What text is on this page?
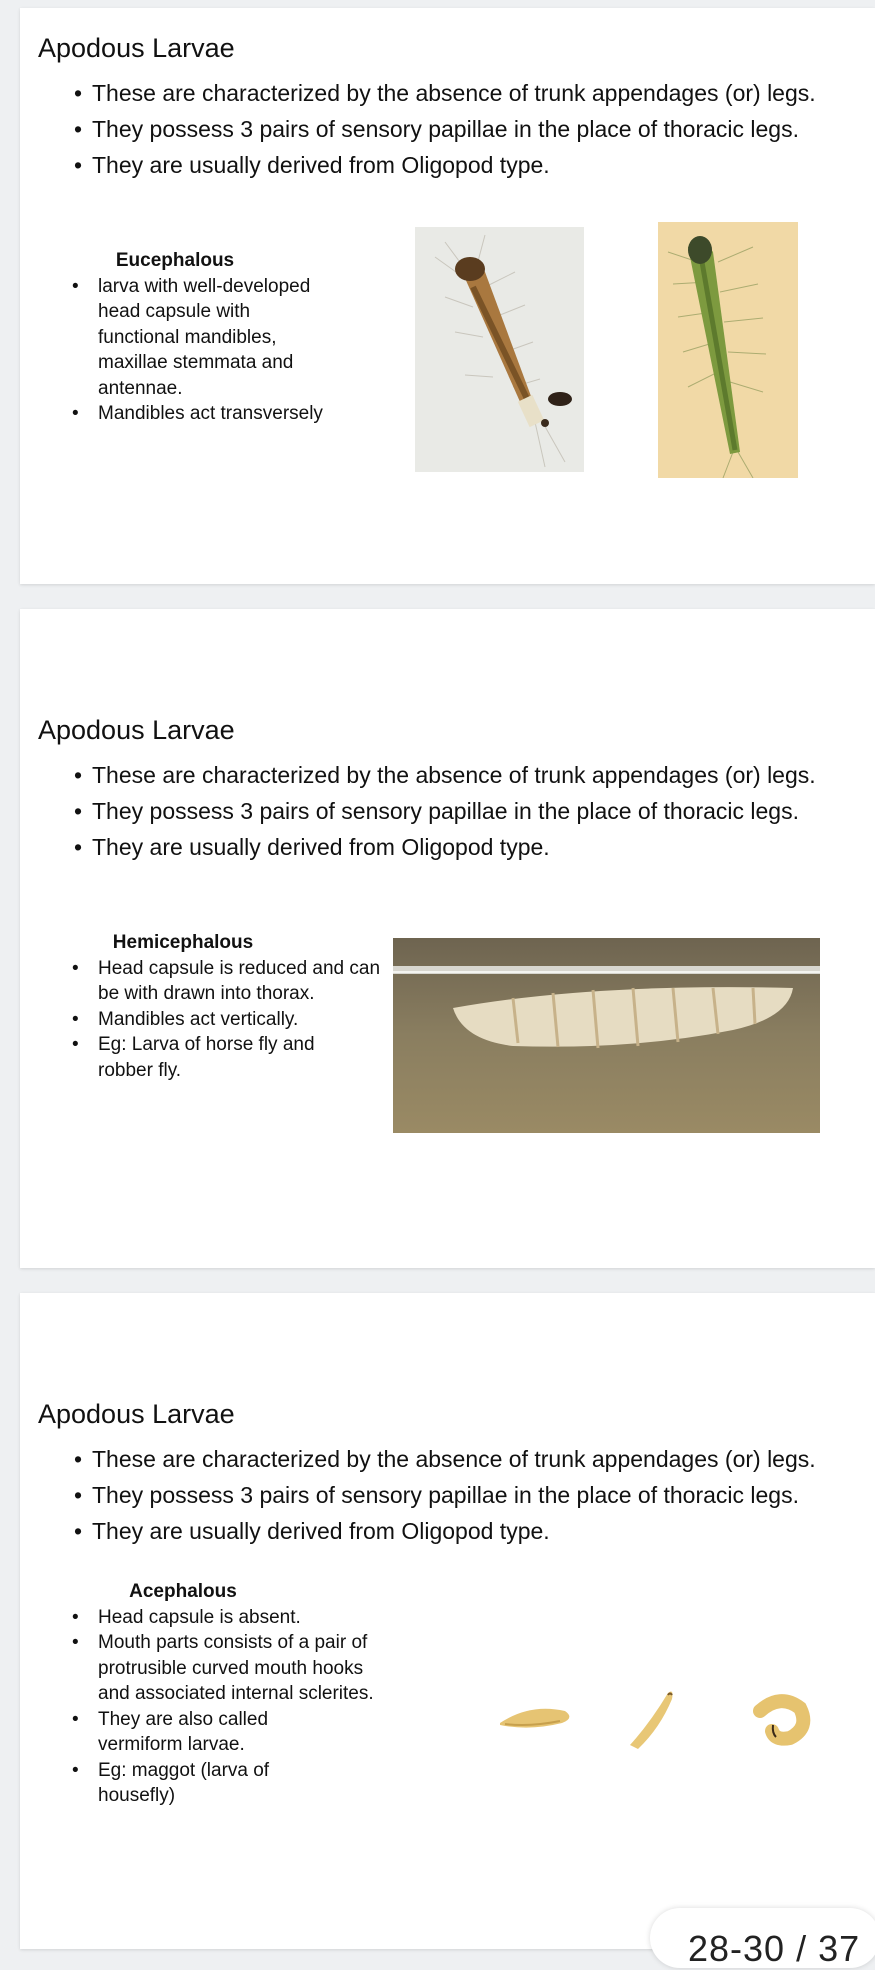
Apodous Larvae
• These are characterized by the absence of trunk appendages (or) legs.
• They possess 3 pairs of sensory papillae in the place of thoracic legs.
• They are usually derived from Oligopod type.

Eucephalous

• larva with well-developed head capsule with functional mandibles, maxillae stemmata and antennae.
• Mandibles act transversely
Apodous Larvae
• These are characterized by the absence of trunk appendages (or) legs.
• They possess 3 pairs of sensory papillae in the place of thoracic legs.
• They are usually derived from Oligopod type.

Hemicephalous

• Head capsule is reduced and can be with drawn into thorax.
• Mandibles act vertically.
• Eg: Larva of horse fly and robber fly.
Apodous Larvae
• These are characterized by the absence of trunk appendages (or) legs.
• They possess 3 pairs of sensory papillae in the place of thoracic legs.
• They are usually derived from Oligopod type.

Acephalous

• Head capsule is absent.
• Mouth parts consists of a pair of protrusible curved mouth hooks and associated internal sclerites.
• They are also called vermiform larvae.
• Eg: maggot (larva of housefly)
28-30 / 37
